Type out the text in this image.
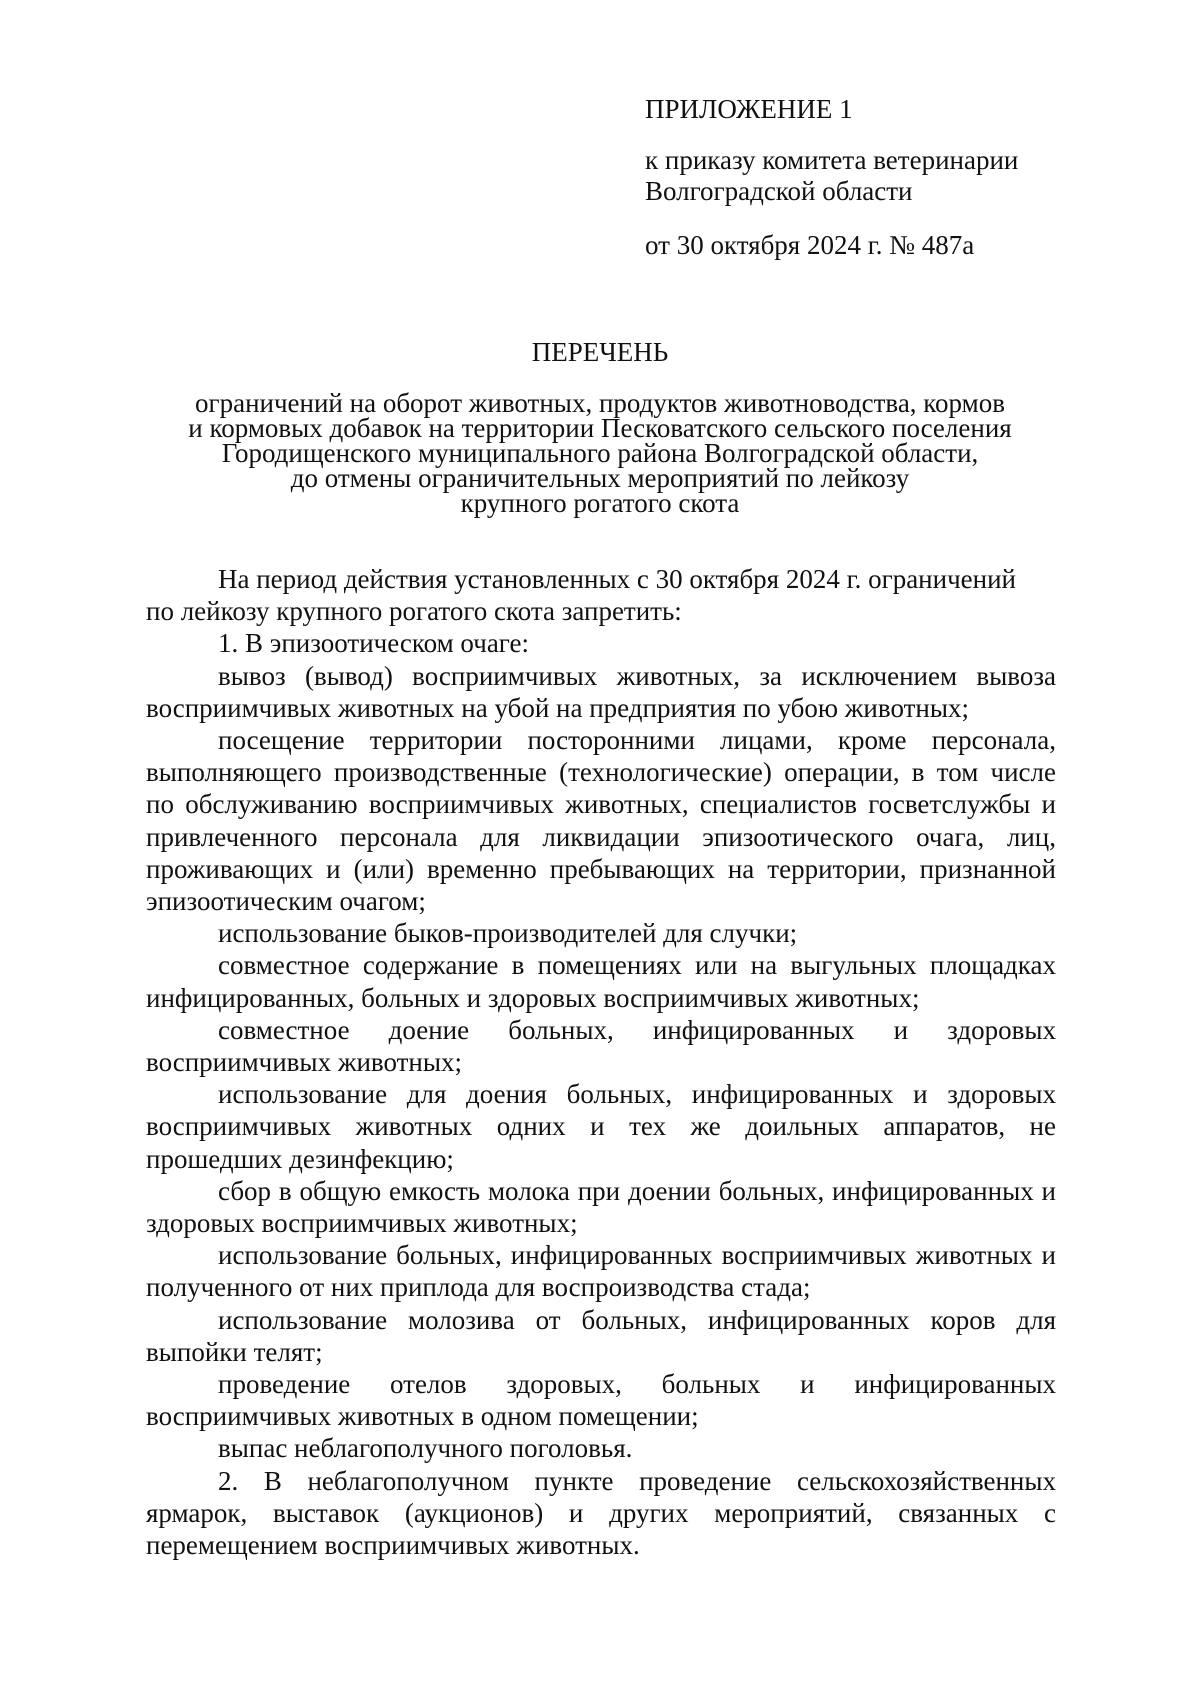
ПРИЛОЖЕНИЕ 1

к приказу комитета ветеринарии
Волгоградской области

от 30 октября 2024 г. № 487а

ПЕРЕЧЕНЬ

ограничений на оборот животных, продуктов животноводства, кормов
и кормовых добавок на территории Песковатского сельского поселения
Городищенского муниципального района Волгоградской области,
до отмены ограничительных мероприятий по лейкозу
крупного рогатого скота

На период действия установленных с 30 октября 2024 г. ограничений
по лейкозу крупного рогатого скота запретить:

1. В эпизоотическом очаге:

вывоз (вывод) восприимчивых животных, за исключением вывоза восприимчивых животных на убой на предприятия по убою животных;

посещение территории посторонними лицами, кроме персонала, выполняющего производственные (технологические) операции, в том числе по обслуживанию восприимчивых животных, специалистов госветслужбы и привлеченного персонала для ликвидации эпизоотического очага, лиц, проживающих и (или) временно пребывающих на территории, признанной эпизоотическим очагом;

использование быков-производителей для случки;

совместное содержание в помещениях или на выгульных площадках инфицированных, больных и здоровых восприимчивых животных;

совместное доение больных, инфицированных и здоровых восприимчивых животных;

использование для доения больных, инфицированных и здоровых восприимчивых животных одних и тех же доильных аппаратов, не прошедших дезинфекцию;

сбор в общую емкость молока при доении больных, инфицированных и здоровых восприимчивых животных;

использование больных, инфицированных восприимчивых животных и полученного от них приплода для воспроизводства стада;

использование молозива от больных, инфицированных коров для выпойки телят;

проведение отелов здоровых, больных и инфицированных восприимчивых животных в одном помещении;

выпас неблагополучного поголовья.

2. В неблагополучном пункте проведение сельскохозяйственных ярмарок, выставок (аукционов) и других мероприятий, связанных с перемещением восприимчивых животных.
